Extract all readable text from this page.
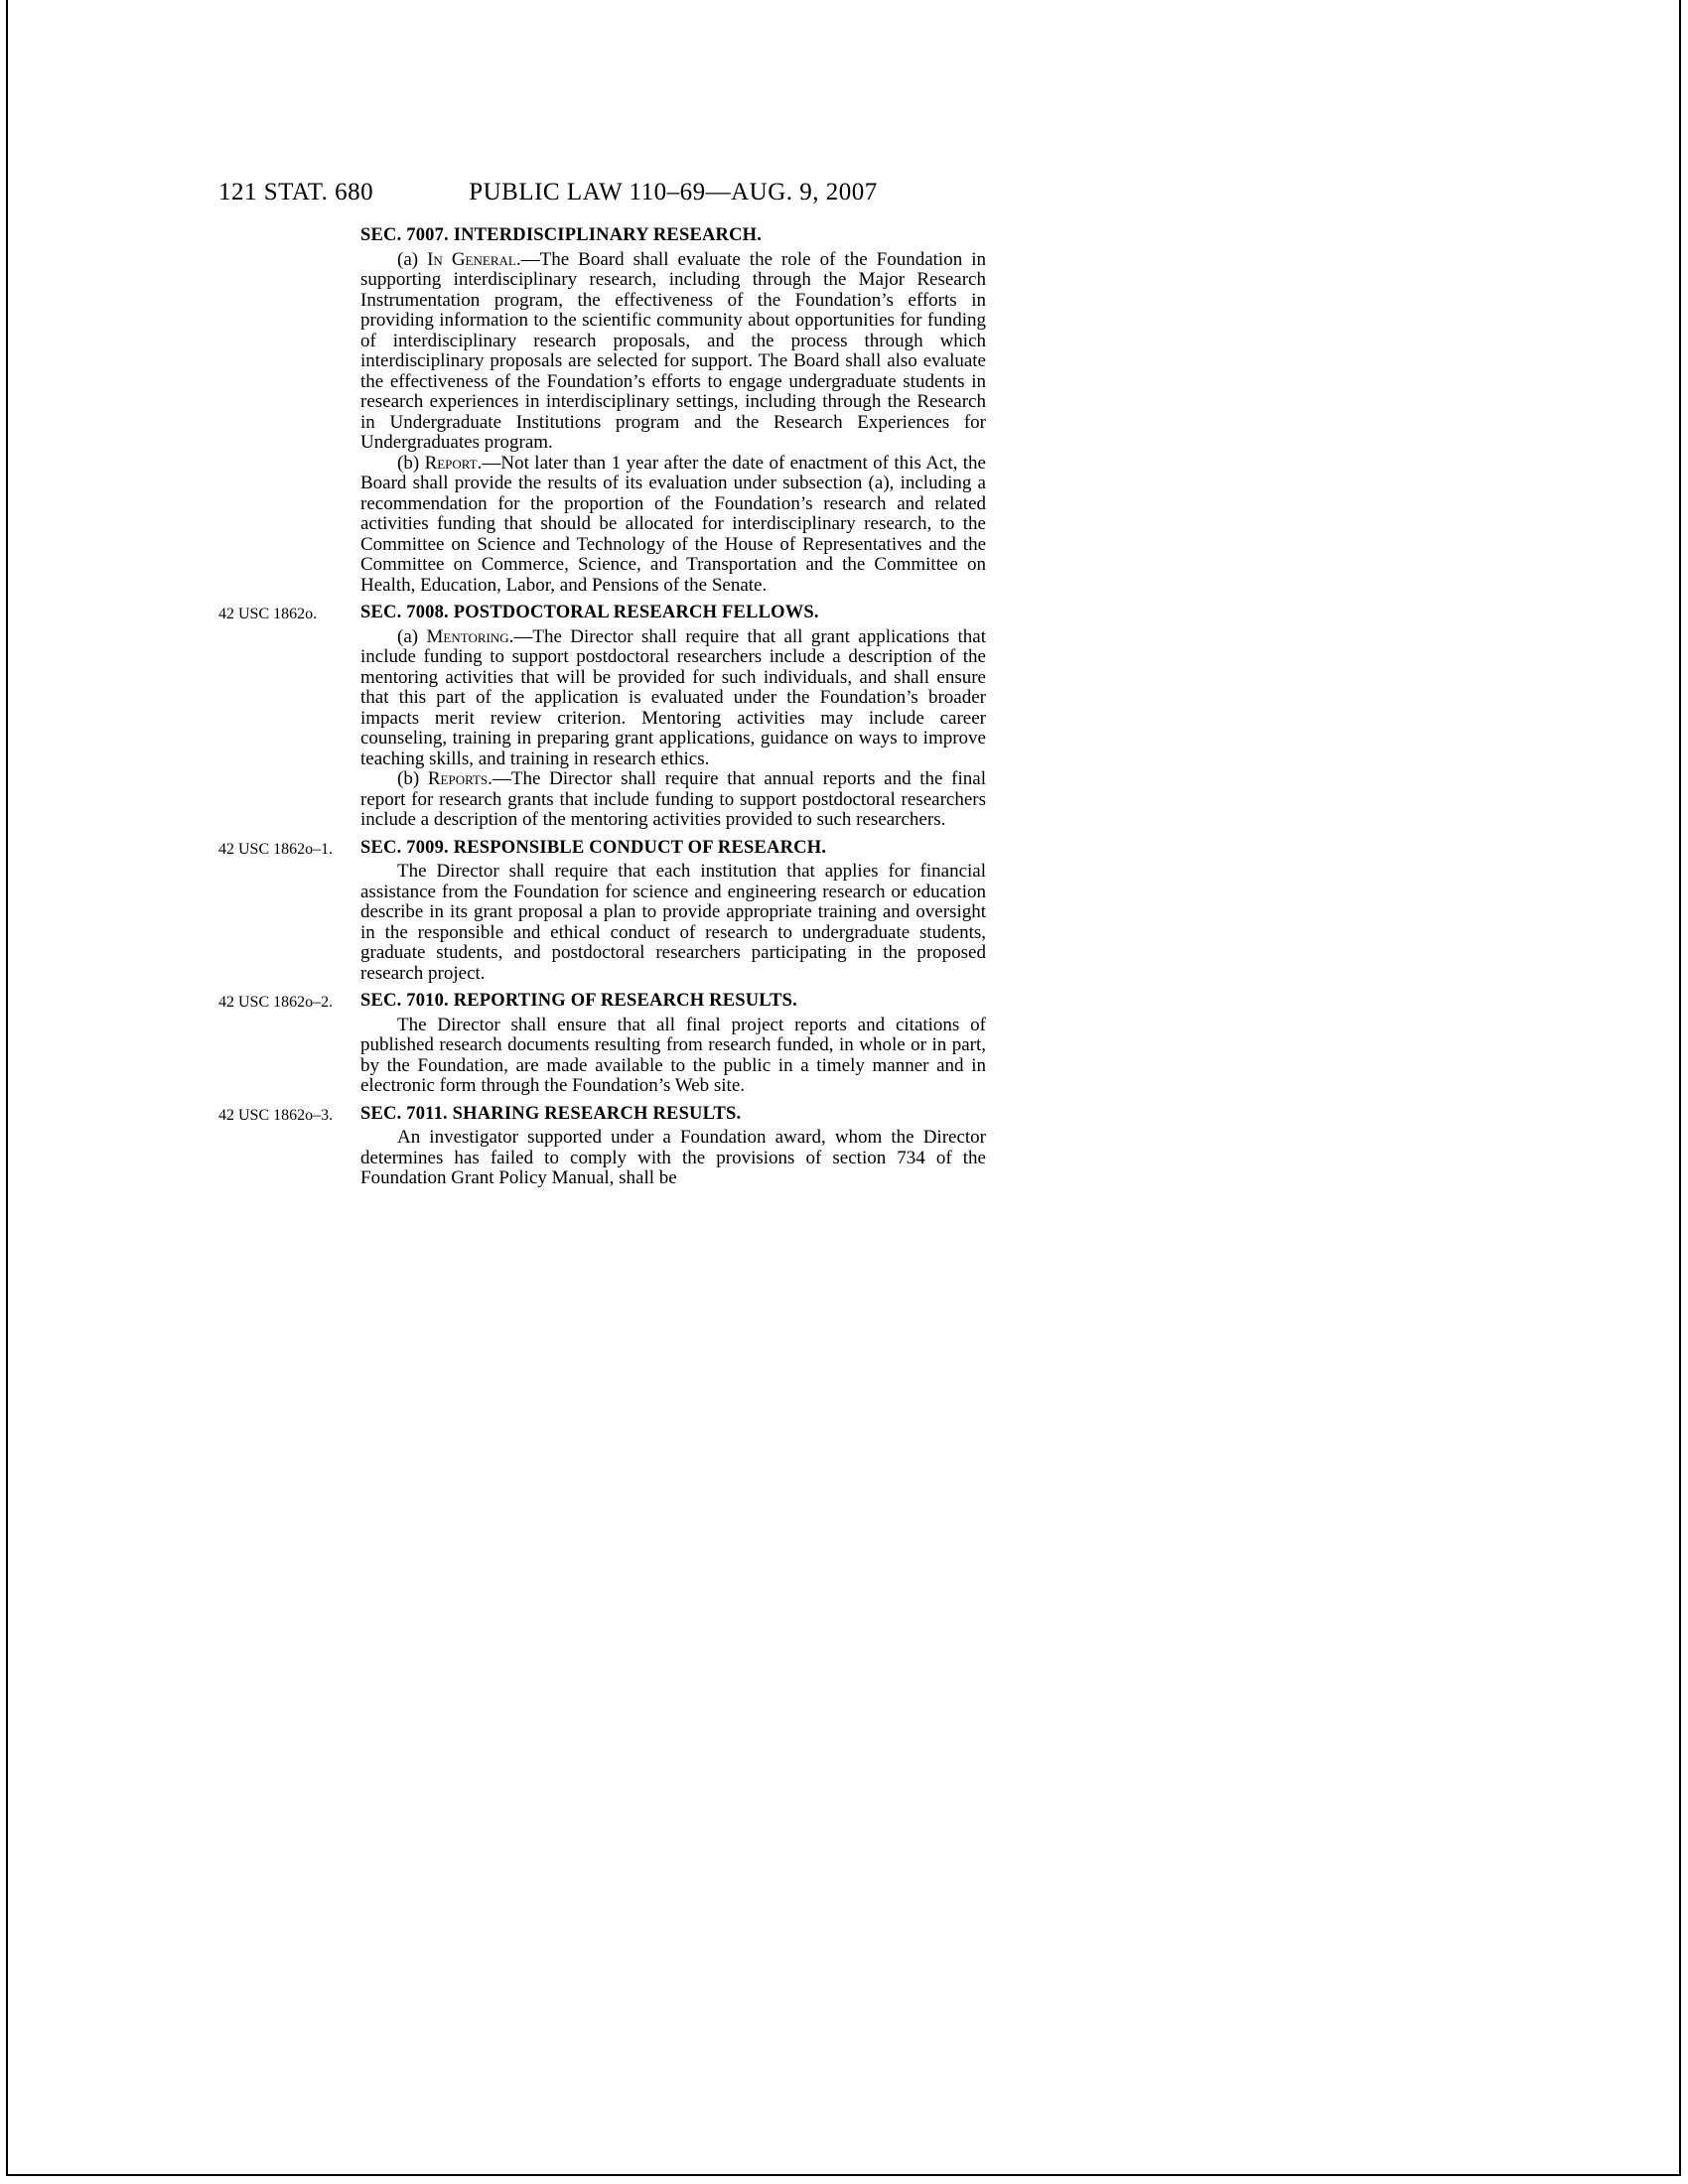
121 STAT. 680	PUBLIC LAW 110–69—AUG. 9, 2007
SEC. 7007. INTERDISCIPLINARY RESEARCH.

(a) In General.—The Board shall evaluate the role of the Foundation in supporting interdisciplinary research, including through the Major Research Instrumentation program, the effectiveness of the Foundation’s efforts in providing information to the scientific community about opportunities for funding of interdisciplinary research proposals, and the process through which interdisciplinary proposals are selected for support. The Board shall also evaluate the effectiveness of the Foundation’s efforts to engage undergraduate students in research experiences in interdisciplinary settings, including through the Research in Undergraduate Institutions program and the Research Experiences for Undergraduates program.

(b) Report.—Not later than 1 year after the date of enactment of this Act, the Board shall provide the results of its evaluation under subsection (a), including a recommendation for the proportion of the Foundation’s research and related activities funding that should be allocated for interdisciplinary research, to the Committee on Science and Technology of the House of Representatives and the Committee on Commerce, Science, and Transportation and the Committee on Health, Education, Labor, and Pensions of the Senate.

42 USC 1862o.	SEC. 7008. POSTDOCTORAL RESEARCH FELLOWS.

(a) Mentoring.—The Director shall require that all grant applications that include funding to support postdoctoral researchers include a description of the mentoring activities that will be provided for such individuals, and shall ensure that this part of the application is evaluated under the Foundation’s broader impacts merit review criterion. Mentoring activities may include career counseling, training in preparing grant applications, guidance on ways to improve teaching skills, and training in research ethics.

(b) Reports.—The Director shall require that annual reports and the final report for research grants that include funding to support postdoctoral researchers include a description of the mentoring activities provided to such researchers.

42 USC 1862o–1.	SEC. 7009. RESPONSIBLE CONDUCT OF RESEARCH.

The Director shall require that each institution that applies for financial assistance from the Foundation for science and engineering research or education describe in its grant proposal a plan to provide appropriate training and oversight in the responsible and ethical conduct of research to undergraduate students, graduate students, and postdoctoral researchers participating in the proposed research project.

42 USC 1862o–2.	SEC. 7010. REPORTING OF RESEARCH RESULTS.

The Director shall ensure that all final project reports and citations of published research documents resulting from research funded, in whole or in part, by the Foundation, are made available to the public in a timely manner and in electronic form through the Foundation’s Web site.

42 USC 1862o–3.	SEC. 7011. SHARING RESEARCH RESULTS.

An investigator supported under a Foundation award, whom the Director determines has failed to comply with the provisions of section 734 of the Foundation Grant Policy Manual, shall be
